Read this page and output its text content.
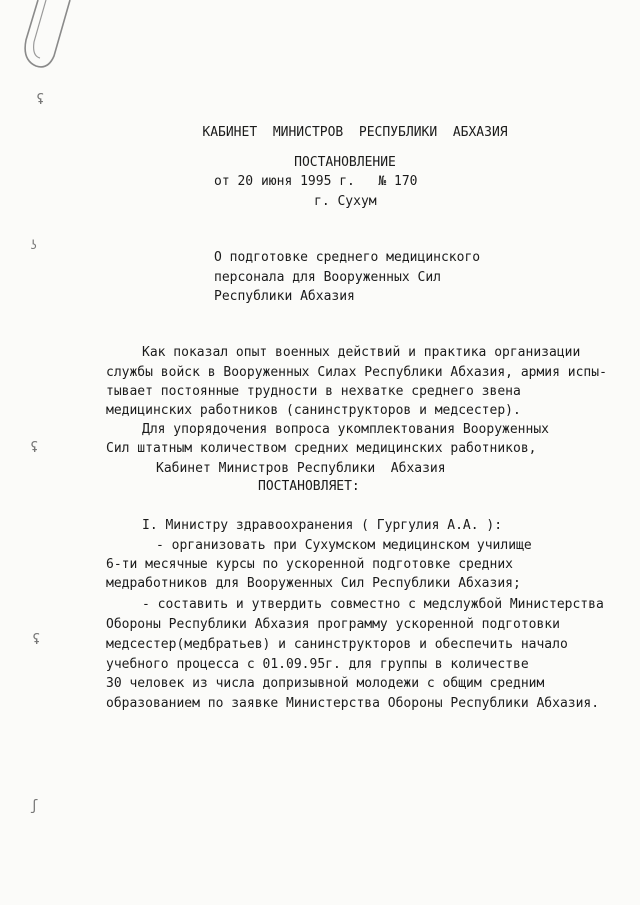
ʢ
ʖ
ʢ
ʢ
ʃ
КАБИНЕТ  МИНИСТРОВ  РЕСПУБЛИКИ  АБХАЗИЯ
ПОСТАНОВЛЕНИЕ
от 20 июня 1995 г.   № 170
г. Сухум
О подготовке среднего медицинского
персонала для Вооруженных Сил
Республики Абхазия
Как показал опыт военных действий и практика организации
службы войск в Вооруженных Силах Республики Абхазия, армия испы-
тывает постоянные трудности в нехватке среднего звена
медицинских работников (санинструкторов и медсестер).
Для упорядочения вопроса укомплектования Вооруженных
Сил штатным количеством средних медицинских работников,
Кабинет Министров Республики  Абхазия
ПОСТАНОВЛЯЕТ:
I. Министру здравоохранения ( Гургулия А.А. ):
- организовать при Сухумском медицинском училище
6-ти месячные курсы по ускоренной подготовке средних
медработников для Вооруженных Сил Республики Абхазия;
- составить и утвердить совместно с медслужбой Министерства
Обороны Республики Абхазия программу ускоренной подготовки
медсестер(медбратьев) и санинструкторов и обеспечить начало
учебного процесса с 01.09.95г. для группы в количестве
30 человек из числа допризывной молодежи с общим средним
образованием по заявке Министерства Обороны Республики Абхазия.
